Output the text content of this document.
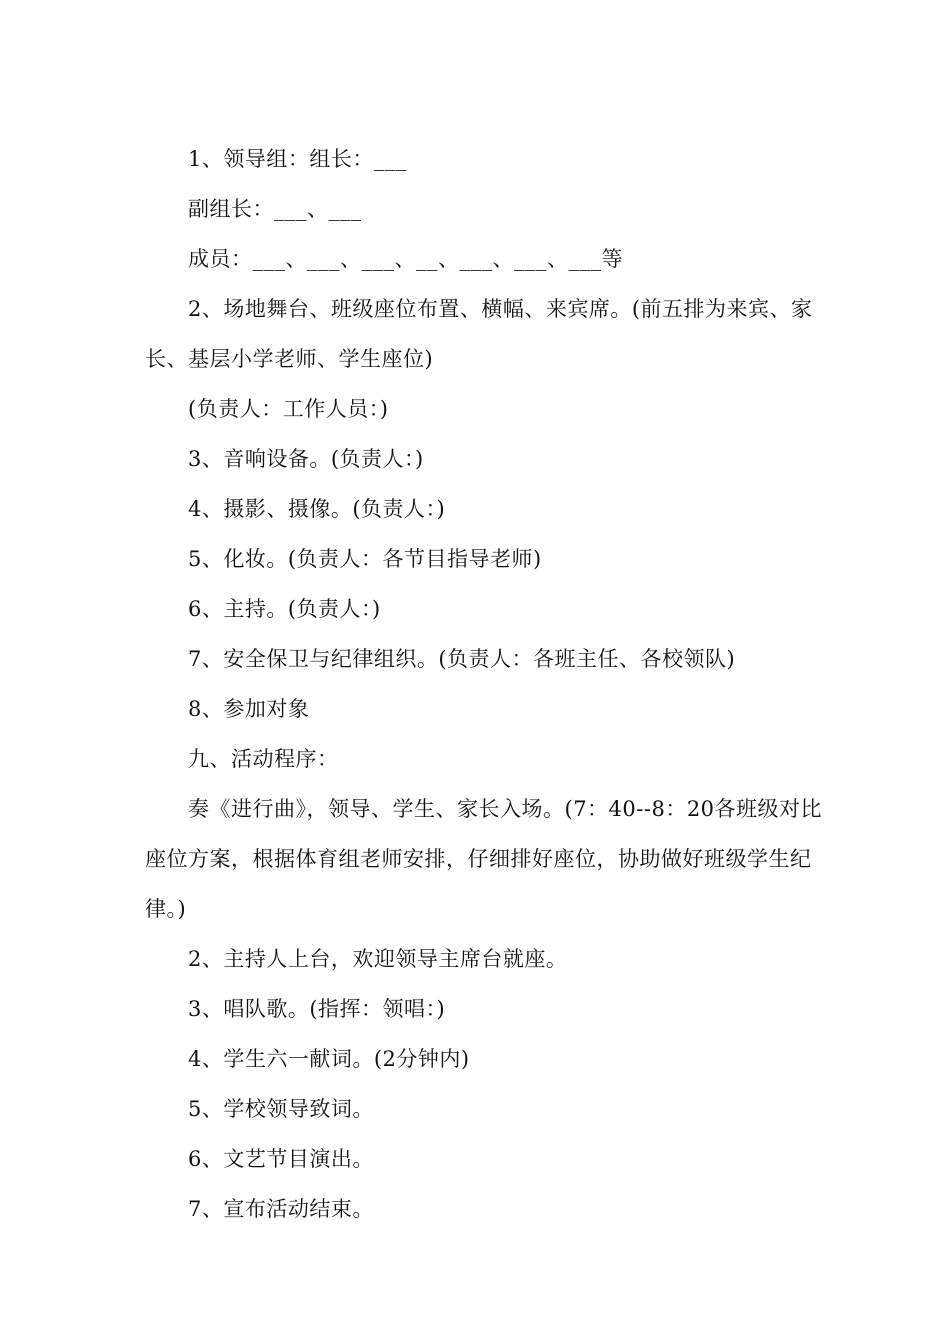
1、领导组：组长：___

副组长：___、___

成员：___、___、___、__、___、___、___等

2、场地舞台、班级座位布置、横幅、来宾席。(前五排为来宾、家长、基层小学老师、学生座位)

(负责人：工作人员：)

3、音响设备。(负责人：)

4、摄影、摄像。(负责人：)

5、化妆。(负责人：各节目指导老师)

6、主持。(负责人：)

7、安全保卫与纪律组织。(负责人：各班主任、各校领队)

8、参加对象

九、活动程序：

奏《进行曲》，领导、学生、家长入场。(7：40--8：20各班级对比座位方案，根据体育组老师安排，仔细排好座位，协助做好班级学生纪律。)

2、主持人上台，欢迎领导主席台就座。

3、唱队歌。(指挥：领唱：)

4、学生六一献词。(2分钟内)

5、学校领导致词。

6、文艺节目演出。

7、宣布活动结束。
